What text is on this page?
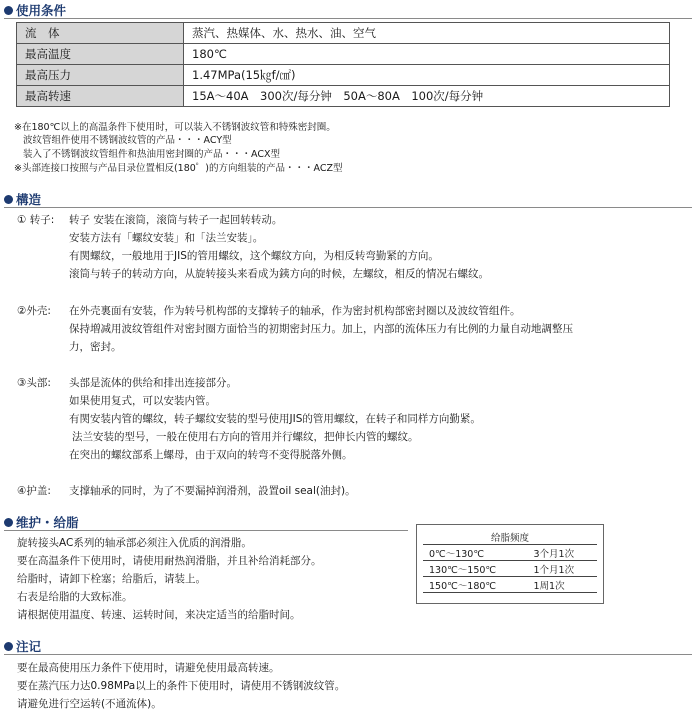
使用条件
流　体	蒸汽、热媒体、水、热水、油、空气
最高温度	180℃
最高压力	1.47MPa(15㎏f/㎠)
最高转速	15A～40A　300次/每分钟　50A～80A　100次/每分钟
※在180℃以上的高温条件下使用时，可以装入不锈钢波纹管和特殊密封圈。
波纹管组件使用不锈钢波纹管的产品・・・ACY型
装入了不锈钢波纹管组件和热油用密封圈的产品・・・ACX型
※头部连接口按照与产品目录位置相反(180゜)的方向组装的产品・・・ACZ型
構造
① 转子: 转子 安装在滚筒，滚筒与转子一起回转转动。
安装方法有「螺纹安装」和「法兰安装」。
有関螺纹，一般地用于JIS的管用螺纹，这个螺纹方向，为相反转弯勤紧的方向。
滚筒与转子的转动方向，从旋转接头来看成为銕方向的时候，左螺纹，相反的情况右螺纹。
②外壳: 在外壳裏面有安装，作为转号机构部的支撑转子的轴承，作为密封机构部密封圈以及波纹管组件。
保持増减用波纹管组件对密封圈方面恰当的初期密封压力。加上，内部的流体压力有比例的力量自动地調整压
力，密封。
③头部: 头部是流体的供给和排出连接部分。
如果使用复式，可以安装内管。
有関安装内管的螺纹，转子螺纹安装的型号使用JIS的管用螺纹，在转子和同样方向勤紧。
法兰安装的型号，一般在使用右方向的管用并行螺纹，把伸长内管的螺纹。
在突出的螺纹部系上螺母，由于双向的转弯不变得脱落外侧。
④护盖: 支撑轴承的同时，为了不要漏掉润滑剂，設置oil seal(油封)。
维护・给脂
旋转接头AC系列的轴承部必须注入优质的润滑脂。
要在高温条件下使用时，请使用耐热润滑脂，并且补给消耗部分。
给脂时，请卸下栓塞；给脂后，请装上。
右表是给脂的大致标准。
请根据使用温度、转速、运转时间，来决定适当的给脂时间。
给脂频度	
0℃～130℃	3个月1次
130℃～150℃	1个月1次
150℃～180℃	1周1次
注记
要在最高使用压力条件下使用时，请避免使用最高转速。
要在蒸汽压力达0.98MPa以上的条件下使用时，请使用不锈钢波纹管。
请避免进行空运转(不通流体)。
